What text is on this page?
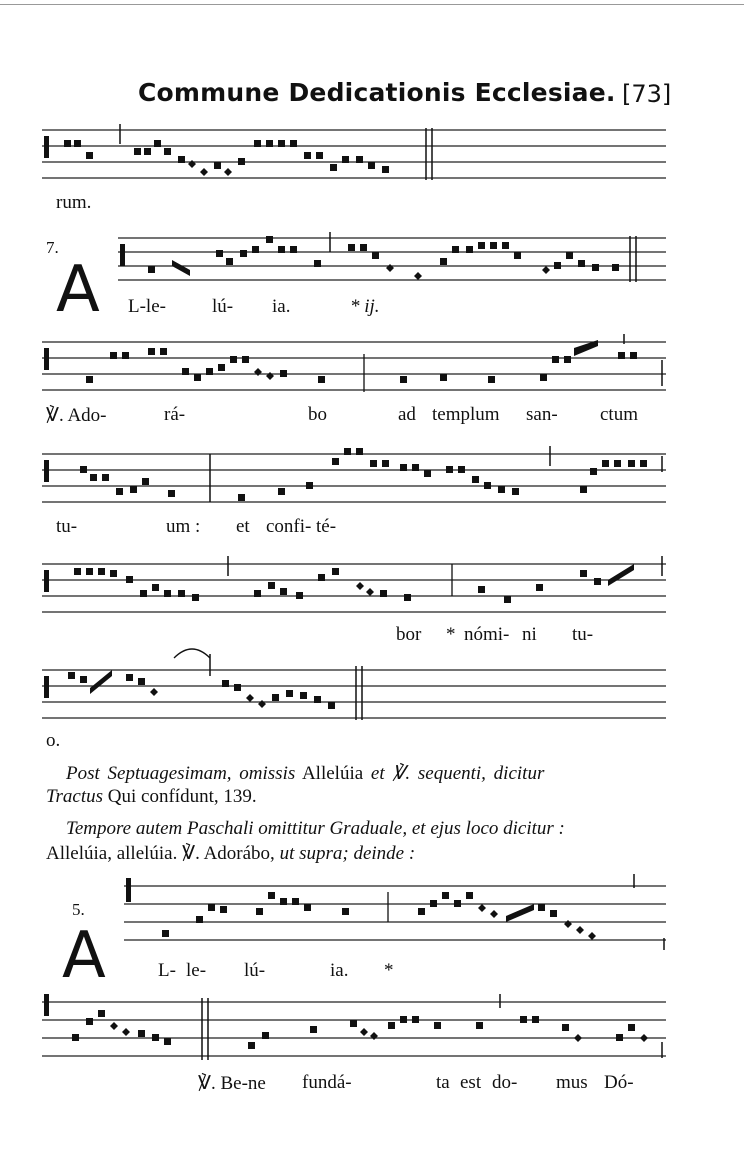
Commune Dedicationis Ecclesiae. [73]
rum.
7.
A L-le- lú- ia.	* ij.
℣. Ado-	rá-	bo	ad templum san- ctum
tu-	um : et confi- té-
bor * nómi- ni tu-
o.
Post Septuagesimam, omissis Allelúia et ℣. sequenti, dicitur
Tractus Qui confídunt, 139.
Tempore autem Paschali omittitur Graduale, et ejus loco dicitur :
Allelúia, allelúia. ℣. Adorábo, ut supra; deinde :
5.
A	L- le- lú-	ia. *
℣. Be-ne fundá-	ta est do- mus Dó-
